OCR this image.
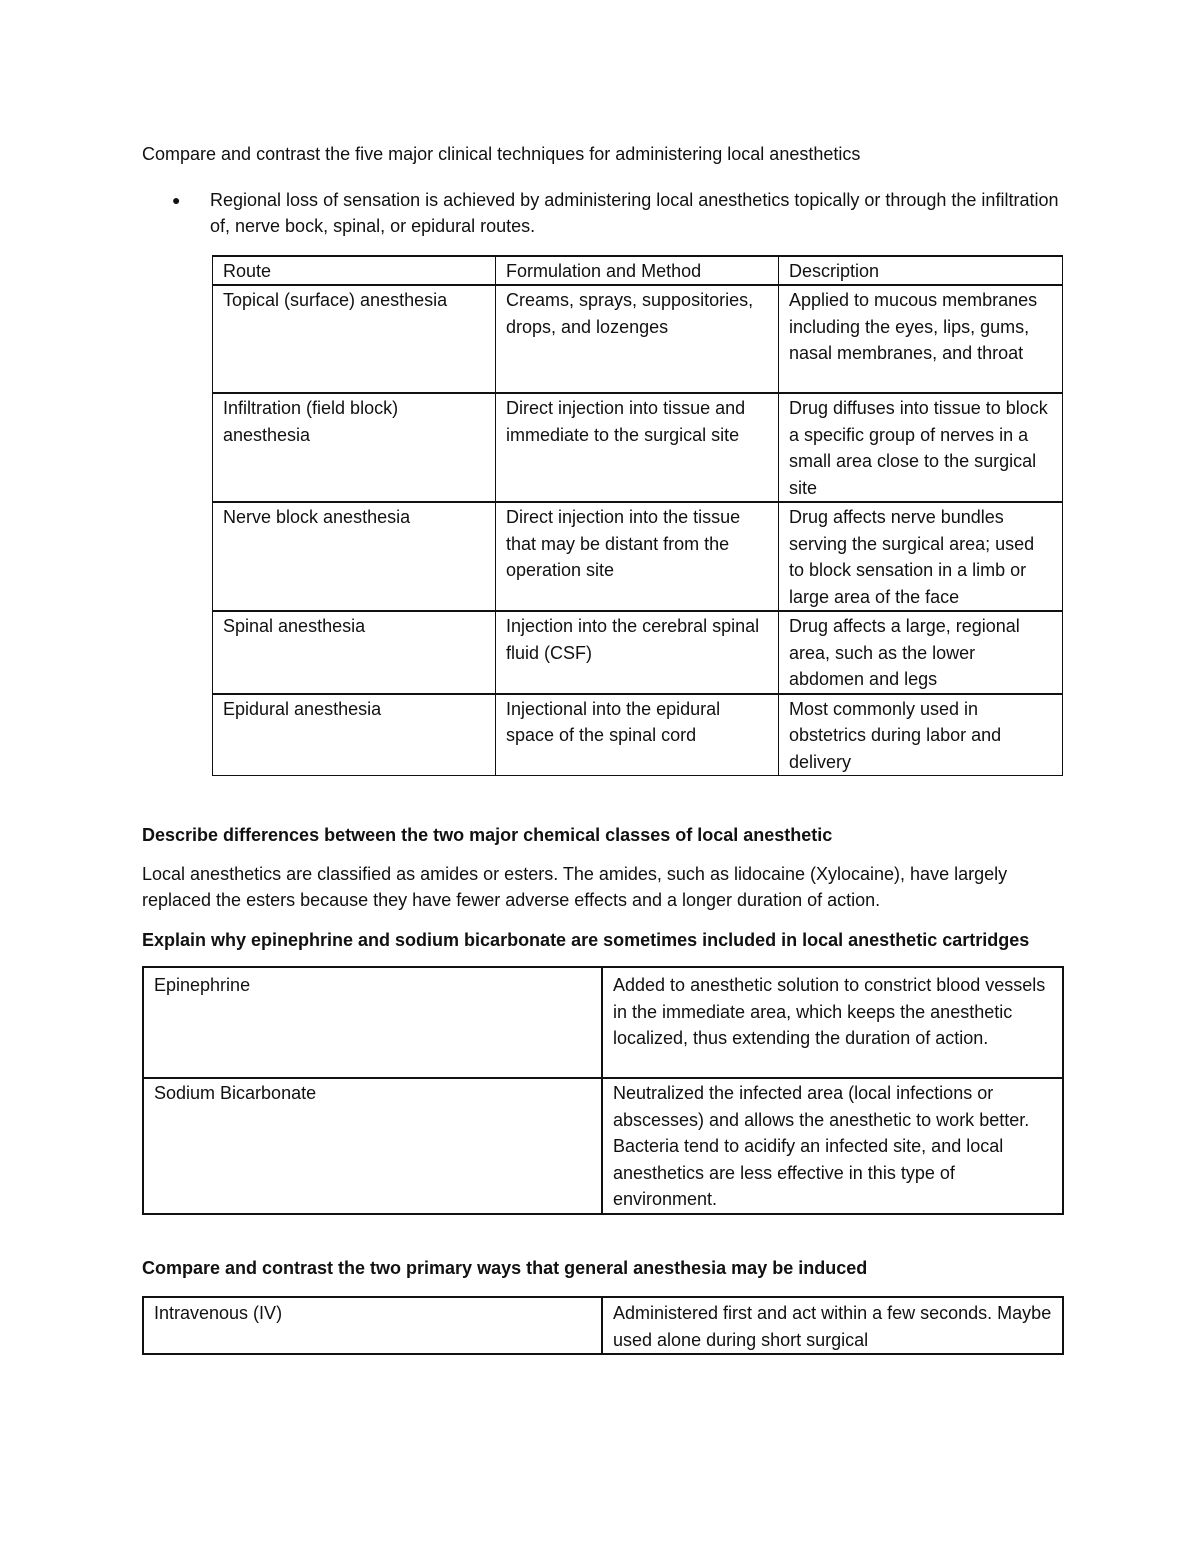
Compare and contrast the five major clinical techniques for administering local anesthetics

●	Regional loss of sensation is achieved by administering local anesthetics topically or through the infiltration of, nerve bock, spinal, or epidural routes.
Route	Formulation and Method	Description
Topical (surface) anesthesia	Creams, sprays, suppositories, drops, and lozenges	Applied to mucous membranes including the eyes, lips, gums, nasal membranes, and throat
Infiltration (field block) anesthesia	Direct injection into tissue and immediate to the surgical site	Drug diffuses into tissue to block a specific group of nerves in a small area close to the surgical site
Nerve block anesthesia	Direct injection into the tissue that may be distant from the operation site	Drug affects nerve bundles serving the surgical area; used to block sensation in a limb or large area of the face
Spinal anesthesia	Injection into the cerebral spinal fluid (CSF)	Drug affects a large, regional area, such as the lower abdomen and legs
Epidural anesthesia	Injectional into the epidural space of the spinal cord	Most commonly used in obstetrics during labor and delivery

Describe differences between the two major chemical classes of local anesthetic

Local anesthetics are classified as amides or esters. The amides, such as lidocaine (Xylocaine), have largely replaced the esters because they have fewer adverse effects and a longer duration of action.

Explain why epinephrine and sodium bicarbonate are sometimes included in local anesthetic cartridges

Epinephrine	Added to anesthetic solution to constrict blood vessels in the immediate area, which keeps the anesthetic localized, thus extending the duration of action.
Sodium Bicarbonate	Neutralized the infected area (local infections or abscesses) and allows the anesthetic to work better. Bacteria tend to acidify an infected site, and local anesthetics are less effective in this type of environment.

Compare and contrast the two primary ways that general anesthesia may be induced

Intravenous (IV)	Administered first and act within a few seconds. Maybe used alone during short surgical
